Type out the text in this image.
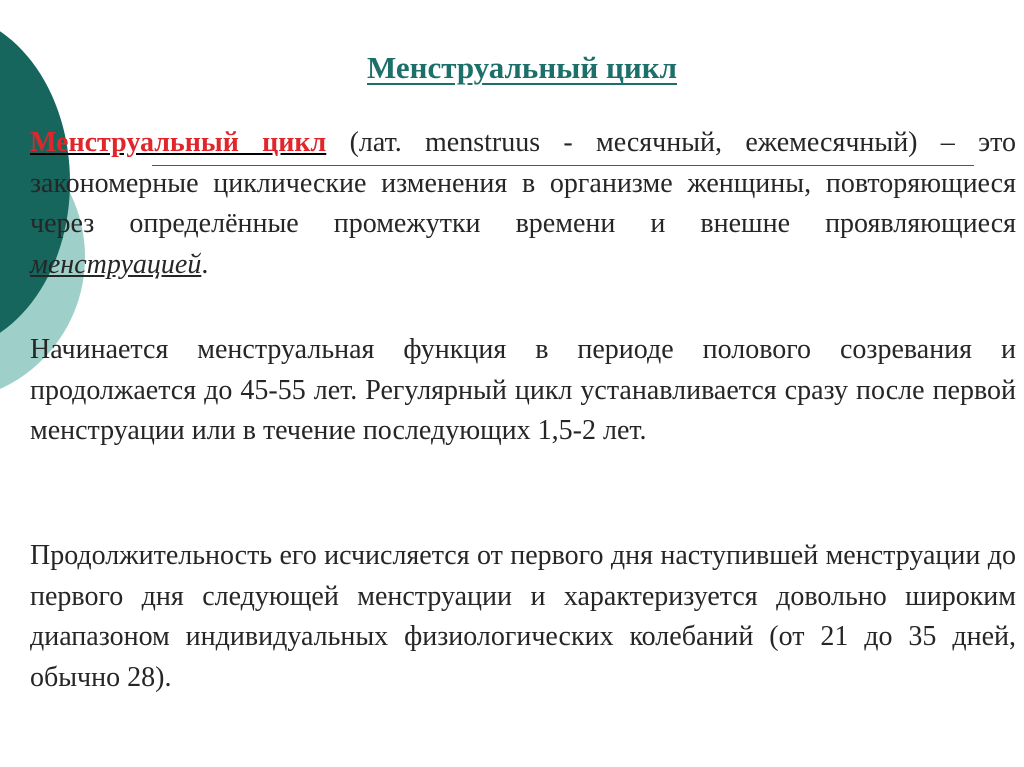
Менструальный цикл

Менструальный цикл (лат. menstruus - месячный, ежемесячный) – это закономерные циклические изменения в организме женщины, повторяющиеся через определённые промежутки времени и внешне проявляющиеся менструацией.

Начинается менструальная функция в периоде полового созревания и продолжается до 45-55 лет. Регулярный цикл устанавливается сразу после первой менструации или в течение последующих 1,5-2 лет.

Продолжительность его исчисляется от первого дня наступившей менструации до первого дня следующей менструации и характеризуется довольно широким диапазоном индивидуальных физиологических колебаний (от 21 до 35 дней, обычно 28).
